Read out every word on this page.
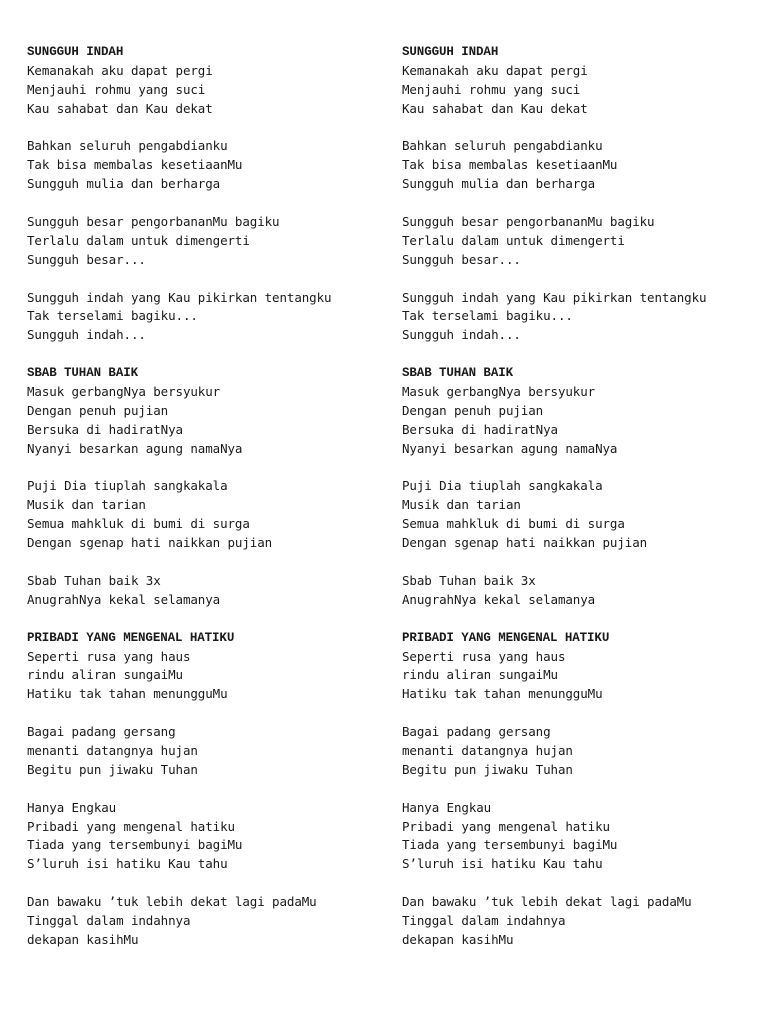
SUNGGUH INDAH
Kemanakah aku dapat pergi
Menjauhi rohmu yang suci
Kau sahabat dan Kau dekat
Bahkan seluruh pengabdianku
Tak bisa membalas kesetiaanMu
Sungguh mulia dan berharga
Sungguh besar pengorbananMu bagiku
Terlalu dalam untuk dimengerti
Sungguh besar...
Sungguh indah yang Kau pikirkan tentangku
Tak terselami bagiku...
Sungguh indah...
SBAB TUHAN BAIK
Masuk gerbangNya bersyukur
Dengan penuh pujian
Bersuka di hadiratNya
Nyanyi besarkan agung namaNya
Puji Dia tiuplah sangkakala
Musik dan tarian
Semua mahkluk di bumi di surga
Dengan sgenap hati naikkan pujian
Sbab Tuhan baik 3x
AnugrahNya kekal selamanya
PRIBADI YANG MENGENAL HATIKU
Seperti rusa yang haus
rindu aliran sungaiMu
Hatiku tak tahan menungguMu
Bagai padang gersang
menanti datangnya hujan
Begitu pun jiwaku Tuhan
Hanya Engkau
Pribadi yang mengenal hatiku
Tiada yang tersembunyi bagiMu
S’luruh isi hatiku Kau tahu
Dan bawaku ’tuk lebih dekat lagi padaMu
Tinggal dalam indahnya
dekapan kasihMu
SUNGGUH INDAH
Kemanakah aku dapat pergi
Menjauhi rohmu yang suci
Kau sahabat dan Kau dekat
Bahkan seluruh pengabdianku
Tak bisa membalas kesetiaanMu
Sungguh mulia dan berharga
Sungguh besar pengorbananMu bagiku
Terlalu dalam untuk dimengerti
Sungguh besar...
Sungguh indah yang Kau pikirkan tentangku
Tak terselami bagiku...
Sungguh indah...
SBAB TUHAN BAIK
Masuk gerbangNya bersyukur
Dengan penuh pujian
Bersuka di hadiratNya
Nyanyi besarkan agung namaNya
Puji Dia tiuplah sangkakala
Musik dan tarian
Semua mahkluk di bumi di surga
Dengan sgenap hati naikkan pujian
Sbab Tuhan baik 3x
AnugrahNya kekal selamanya
PRIBADI YANG MENGENAL HATIKU
Seperti rusa yang haus
rindu aliran sungaiMu
Hatiku tak tahan menungguMu
Bagai padang gersang
menanti datangnya hujan
Begitu pun jiwaku Tuhan
Hanya Engkau
Pribadi yang mengenal hatiku
Tiada yang tersembunyi bagiMu
S’luruh isi hatiku Kau tahu
Dan bawaku ’tuk lebih dekat lagi padaMu
Tinggal dalam indahnya
dekapan kasihMu
